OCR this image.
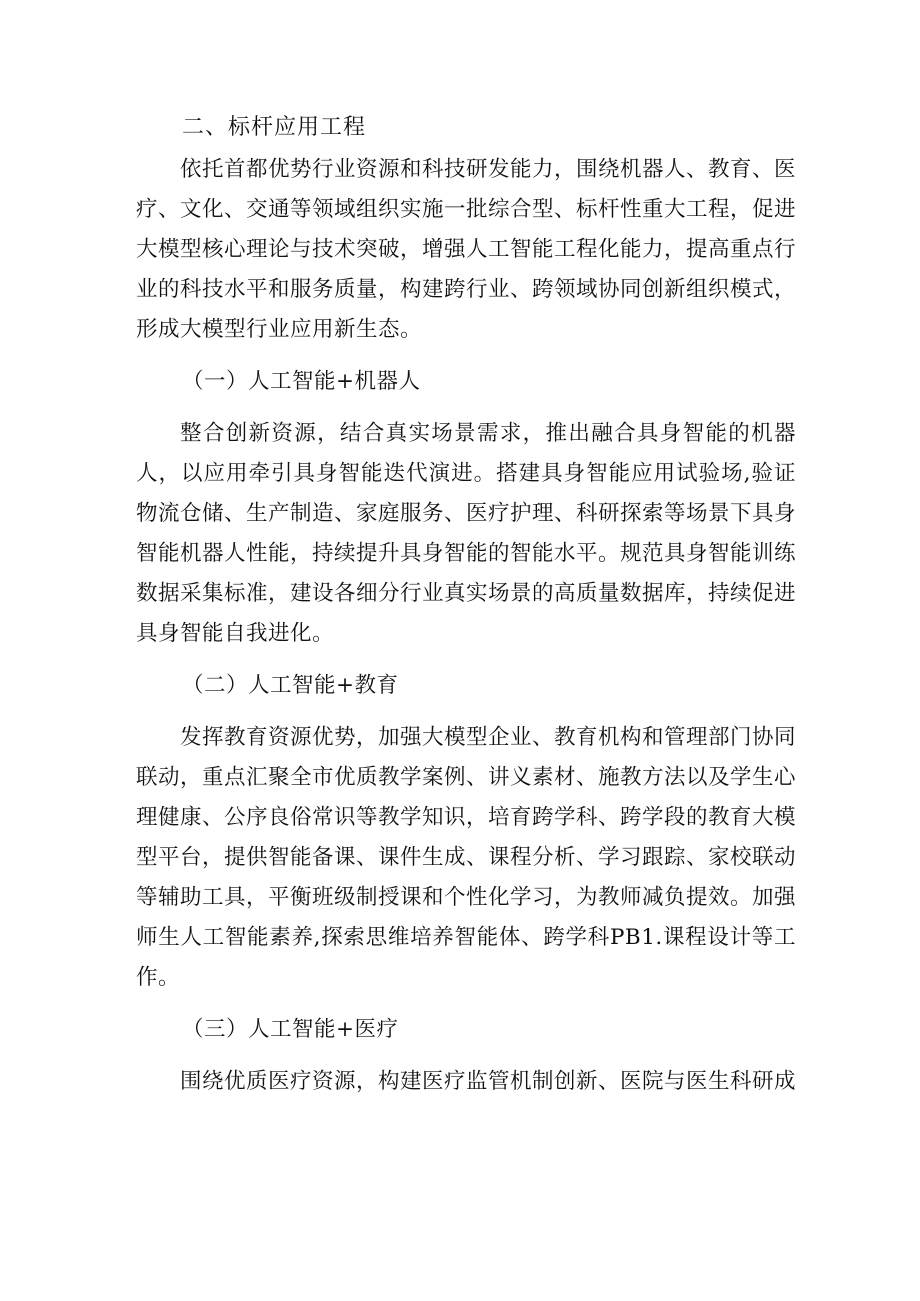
二、标杆应用工程

依托首都优势行业资源和科技研发能力，围绕机器人、教育、医疗、文化、交通等领域组织实施一批综合型、标杆性重大工程，促进大模型核心理论与技术突破，增强人工智能工程化能力，提高重点行业的科技水平和服务质量，构建跨行业、跨领域协同创新组织模式，形成大模型行业应用新生态。

（一）人工智能+机器人

整合创新资源，结合真实场景需求，推出融合具身智能的机器人，以应用牵引具身智能迭代演进。搭建具身智能应用试验场,验证物流仓储、生产制造、家庭服务、医疗护理、科研探索等场景下具身智能机器人性能，持续提升具身智能的智能水平。规范具身智能训练数据采集标准，建设各细分行业真实场景的高质量数据库，持续促进具身智能自我进化。

（二）人工智能+教育

发挥教育资源优势，加强大模型企业、教育机构和管理部门协同联动，重点汇聚全市优质教学案例、讲义素材、施教方法以及学生心理健康、公序良俗常识等教学知识，培育跨学科、跨学段的教育大模型平台，提供智能备课、课件生成、课程分析、学习跟踪、家校联动等辅助工具，平衡班级制授课和个性化学习，为教师减负提效。加强师生人工智能素养,探索思维培养智能体、跨学科PB1.课程设计等工作。

（三）人工智能+医疗

围绕优质医疗资源，构建医疗监管机制创新、医院与医生科研成
